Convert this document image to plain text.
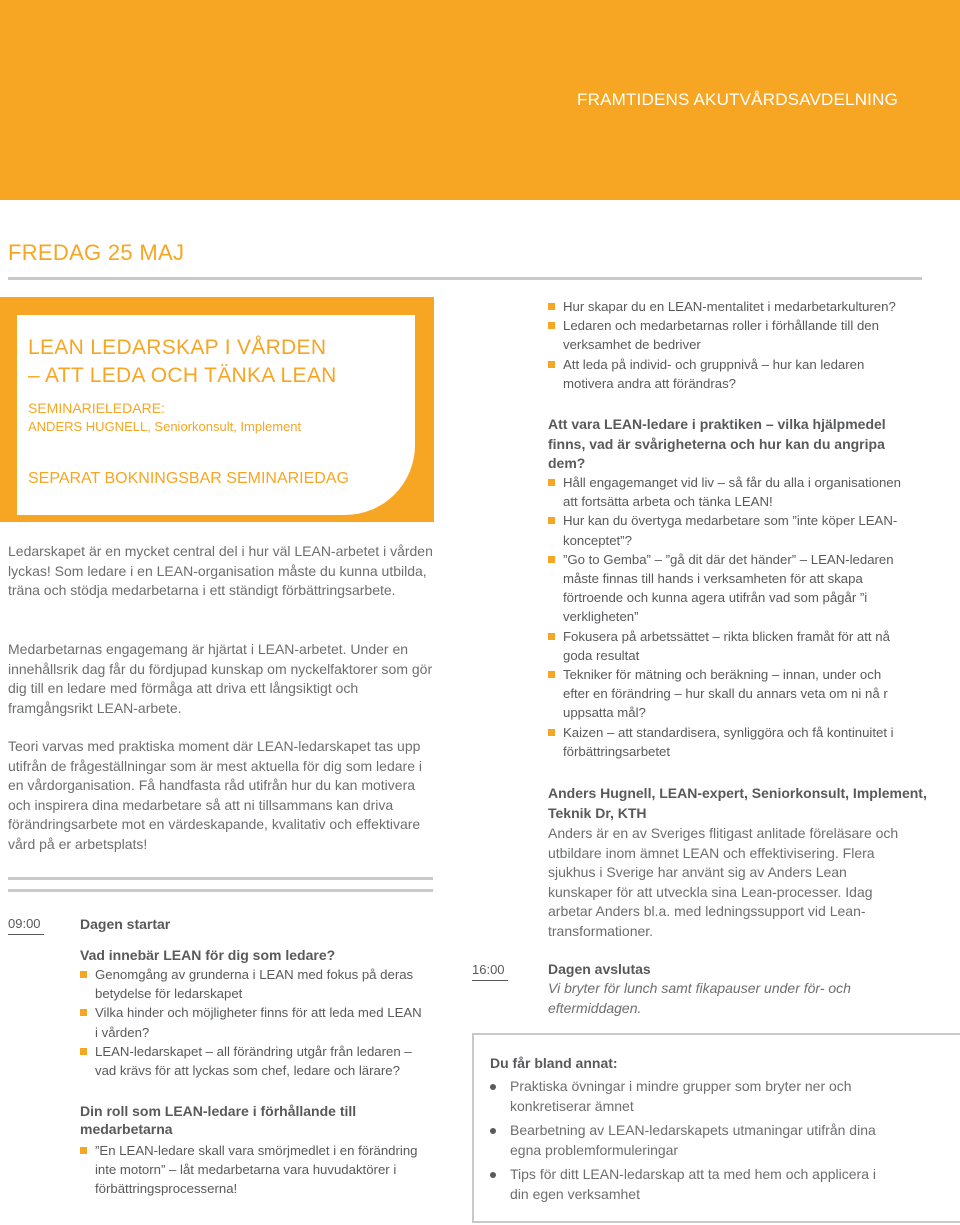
FRAMTIDENS AKUTVÅRDSAVDELNING
FREDAG 25 MAJ
LEAN LEDARSKAP I VÅRDEN
– ATT LEDA OCH TÄNKA LEAN
SEMINARIELEDARE:
ANDERS HUGNELL, Seniorkonsult, Implement
SEPARAT BOKNINGSBAR SEMINARIEDAG

Ledarskapet är en mycket central del i hur väl LEAN-arbetet i vården lyckas! Som ledare i en LEAN-organisation måste du kunna utbilda, träna och stödja medarbetarna i ett ständigt förbättringsarbete.

Medarbetarnas engagemang är hjärtat i LEAN-arbetet. Under en innehållsrik dag får du fördjupad kunskap om nyckelfaktorer som gör dig till en ledare med förmåga att driva ett långsiktigt och framgångsrikt LEAN-arbete.

Teori varvas med praktiska moment där LEAN-ledarskapet tas upp utifrån de frågeställningar som är mest aktuella för dig som ledare i en vårdorganisation. Få handfasta råd utifrån hur du kan motivera och inspirera dina medarbetare så att ni tillsammans kan driva förändringsarbete mot en värdeskapande, kvalitativ och effektivare vård på er arbetsplats!

09:00	Dagen startar
Vad innebär LEAN för dig som ledare?
Genomgång av grunderna i LEAN med fokus på deras betydelse för ledarskapet
Vilka hinder och möjligheter finns för att leda med LEAN i vården?
LEAN-ledarskapet – all förändring utgår från ledaren – vad krävs för att lyckas som chef, ledare och lärare?
Din roll som LEAN-ledare i förhållande till medarbetarna
”En LEAN-ledare skall vara smörjmedlet i en förändring inte motorn” – låt medarbetarna vara huvudaktörer i förbättringsprocesserna!
Hur skapar du en LEAN-mentalitet i medarbetarkulturen?
Ledaren och medarbetarnas roller i förhållande till den verksamhet de bedriver
Att leda på individ- och gruppnivå – hur kan ledaren motivera andra att förändras?
Att vara LEAN-ledare i praktiken – vilka hjälpmedel finns, vad är svårigheterna och hur kan du angripa dem?
Håll engagemanget vid liv – så får du alla i organisationen att fortsätta arbeta och tänka LEAN!
Hur kan du övertyga medarbetare som ”inte köper LEAN-konceptet”?
”Go to Gemba” – ”gå dit där det händer” – LEAN-ledaren måste finnas till hands i verksamheten för att skapa förtroende och kunna agera utifrån vad som pågår ”i verkligheten”
Fokusera på arbetssättet – rikta blicken framåt för att nå goda resultat
Tekniker för mätning och beräkning – innan, under och efter en förändring – hur skall du annars veta om ni nå r uppsatta mål?
Kaizen – att standardisera, synliggöra och få kontinuitet i förbättringsarbetet
Anders Hugnell, LEAN-expert, Seniorkonsult, Implement, Teknik Dr, KTH
Anders är en av Sveriges flitigast anlitade föreläsare och utbildare inom ämnet LEAN och effektivisering. Flera sjukhus i Sverige har använt sig av Anders Lean kunskaper för att utveckla sina Lean-processer. Idag arbetar Anders bl.a. med ledningssupport vid Lean-transformationer.
16:00	Dagen avslutas
Vi bryter för lunch samt fikapauser under för- och eftermiddagen.
Du får bland annat:
Praktiska övningar i mindre grupper som bryter ner och konkretiserar ämnet
Bearbetning av LEAN-ledarskapets utmaningar utifrån dina egna problemformuleringar
Tips för ditt LEAN-ledarskap att ta med hem och applicera i din egen verksamhet
